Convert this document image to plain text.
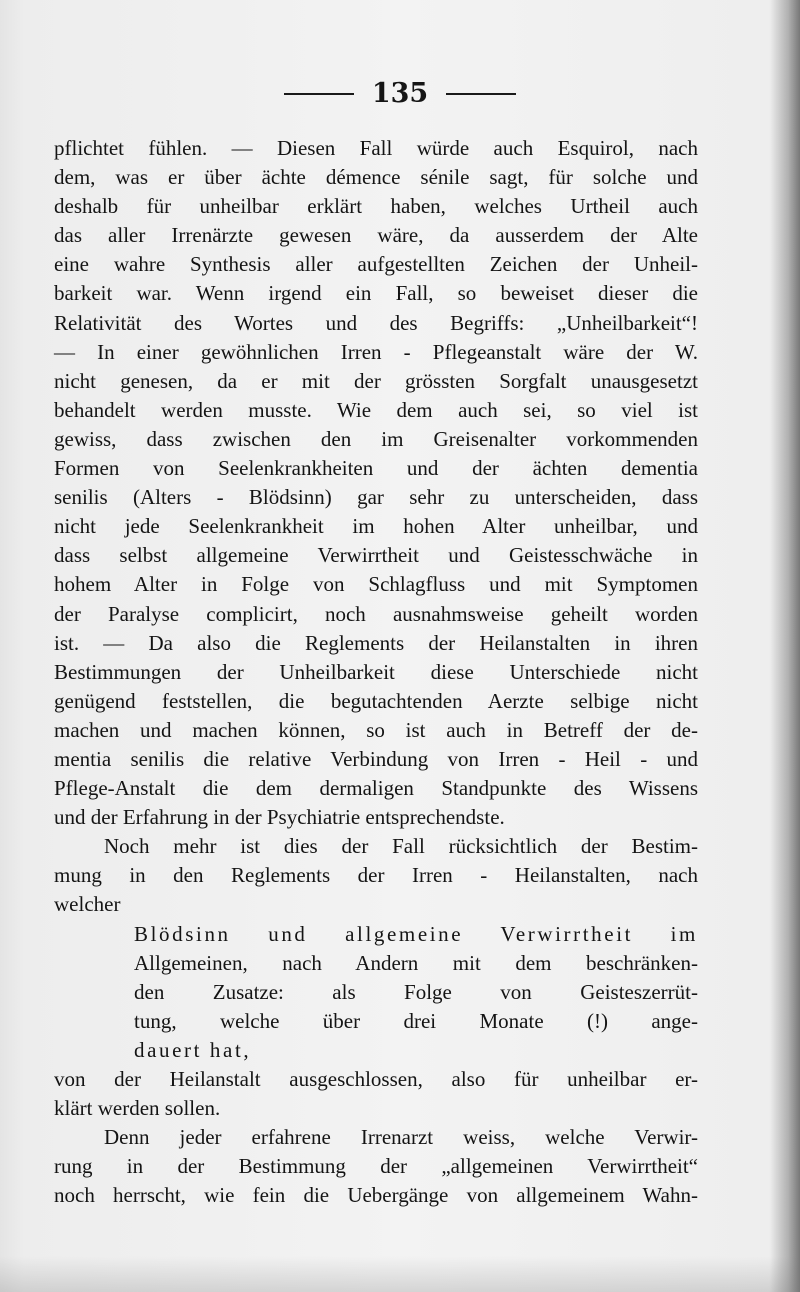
135
pflichtet fühlen. — Diesen Fall würde auch Esquirol, nach
dem, was er über ächte démence sénile sagt, für solche und
deshalb für unheilbar erklärt haben, welches Urtheil auch
das aller Irrenärzte gewesen wäre, da ausserdem der Alte
eine wahre Synthesis aller aufgestellten Zeichen der Unheil-
barkeit war. Wenn irgend ein Fall, so beweiset dieser die
Relativität des Wortes und des Begriffs: „Unheilbarkeit“!
— In einer gewöhnlichen Irren - Pflegeanstalt wäre der W.
nicht genesen, da er mit der grössten Sorgfalt unausgesetzt
behandelt werden musste. Wie dem auch sei, so viel ist
gewiss, dass zwischen den im Greisenalter vorkommenden
Formen von Seelenkrankheiten und der ächten dementia
senilis (Alters - Blödsinn) gar sehr zu unterscheiden, dass
nicht jede Seelenkrankheit im hohen Alter unheilbar, und
dass selbst allgemeine Verwirrtheit und Geistesschwäche in
hohem Alter in Folge von Schlagfluss und mit Symptomen
der Paralyse complicirt, noch ausnahmsweise geheilt worden
ist. — Da also die Reglements der Heilanstalten in ihren
Bestimmungen der Unheilbarkeit diese Unterschiede nicht
genügend feststellen, die begutachtenden Aerzte selbige nicht
machen und machen können, so ist auch in Betreff der de-
mentia senilis die relative Verbindung von Irren - Heil - und
Pflege-Anstalt die dem dermaligen Standpunkte des Wissens
und der Erfahrung in der Psychiatrie entsprechendste.
Noch mehr ist dies der Fall rücksichtlich der Bestim-
mung in den Reglements der Irren - Heilanstalten, nach
welcher
Blödsinn und allgemeine Verwirrtheit im
Allgemeinen, nach Andern mit dem beschränken-
den Zusatze: als Folge von Geisteszerrüt-
tung, welche über drei Monate (!) ange-
dauert hat,
von der Heilanstalt ausgeschlossen, also für unheilbar er-
klärt werden sollen.
Denn jeder erfahrene Irrenarzt weiss, welche Verwir-
rung in der Bestimmung der „allgemeinen Verwirrtheit“
noch herrscht, wie fein die Uebergänge von allgemeinem Wahn-
